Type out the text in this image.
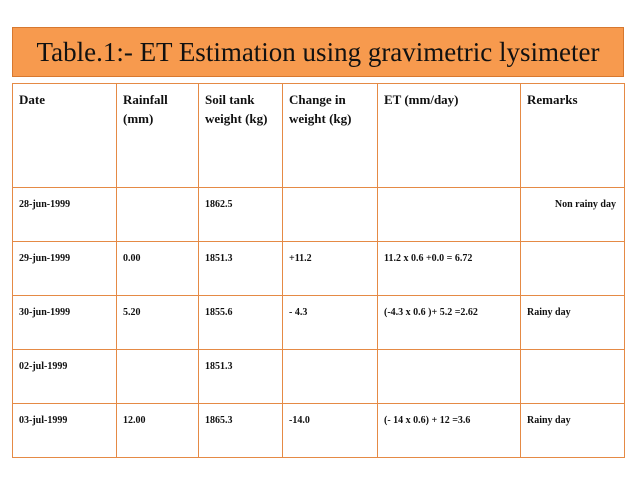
Table.1:- ET Estimation using gravimetric lysimeter
Date	Rainfall (mm)	Soil tank weight (kg)	Change in weight (kg)	ET (mm/day)	Remarks
28-jun-1999		1862.5			Non rainy day
29-jun-1999	0.00	1851.3	+11.2	11.2 x 0.6 +0.0 = 6.72	
30-jun-1999	5.20	1855.6	- 4.3	(-4.3 x 0.6 )+ 5.2 =2.62	Rainy day
02-jul-1999		1851.3			
03-jul-1999	12.00	1865.3	-14.0	(- 14 x 0.6) + 12 =3.6	Rainy day
